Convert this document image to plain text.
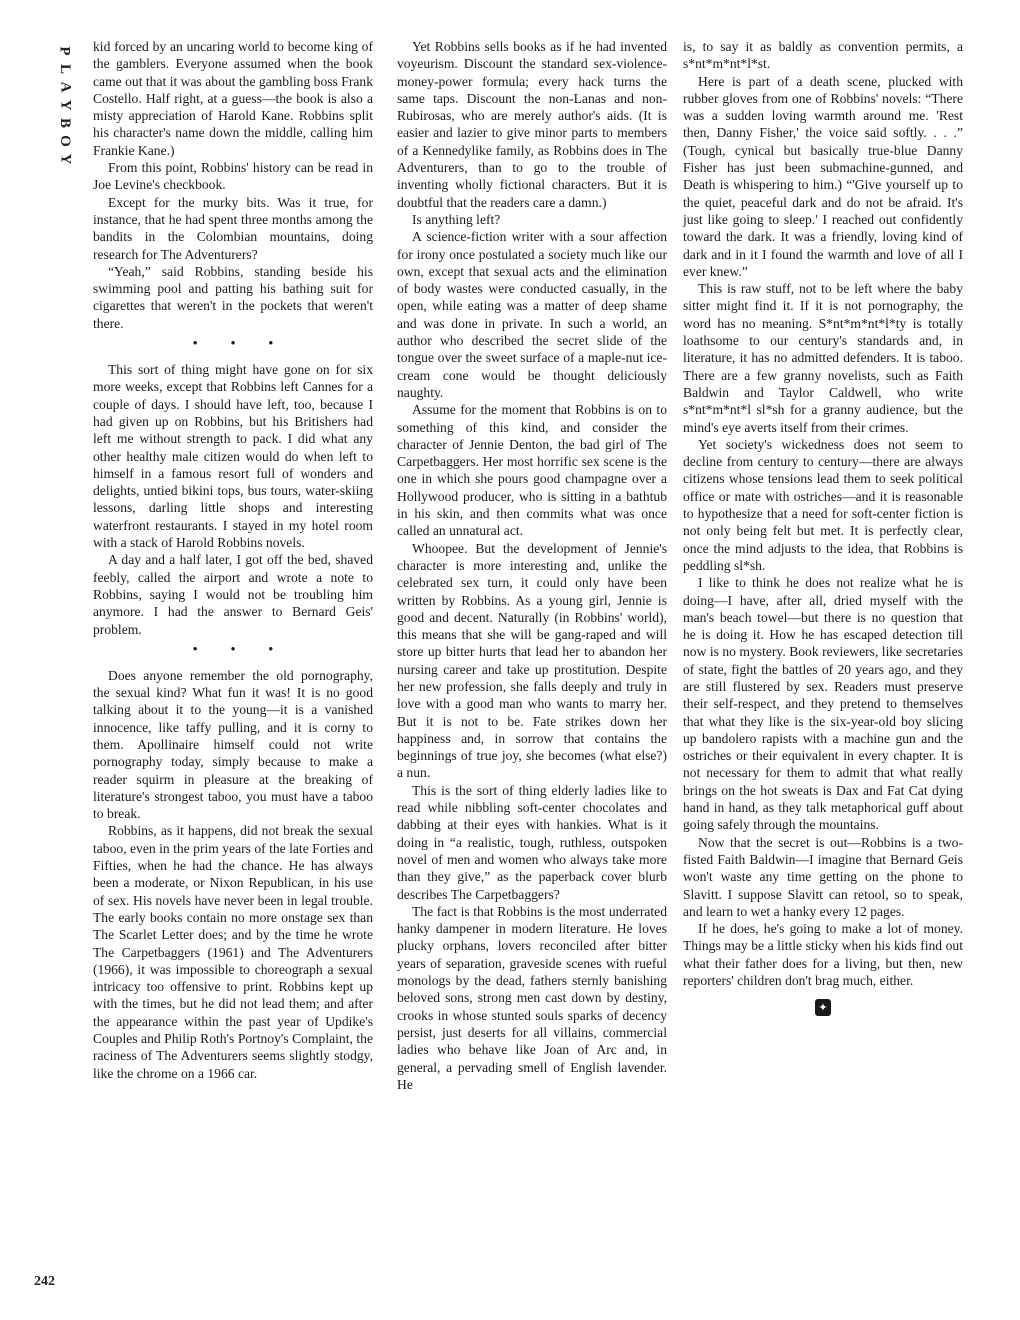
P
L
A
Y
B
O
Y

kid forced by an uncaring world to become king of the gamblers. Everyone assumed when the book came out that it was about the gambling boss Frank Costello. Half right, at a guess—the book is also a misty appreciation of Harold Kane. Robbins split his character's name down the middle, calling him Frankie Kane.)

From this point, Robbins' history can be read in Joe Levine's checkbook.

Except for the murky bits. Was it true, for instance, that he had spent three months among the bandits in the Colombian mountains, doing research for The Adventurers?

“Yeah,” said Robbins, standing beside his swimming pool and patting his bathing suit for cigarettes that weren't in the pockets that weren't there.

• • •

This sort of thing might have gone on for six more weeks, except that Robbins left Cannes for a couple of days. I should have left, too, because I had given up on Robbins, but his Britishers had left me without strength to pack. I did what any other healthy male citizen would do when left to himself in a famous resort full of wonders and delights, untied bikini tops, bus tours, water-skiing lessons, darling little shops and interesting waterfront restaurants. I stayed in my hotel room with a stack of Harold Robbins novels.

A day and a half later, I got off the bed, shaved feebly, called the airport and wrote a note to Robbins, saying I would not be troubling him anymore. I had the answer to Bernard Geis' problem.

• • •

Does anyone remember the old pornography, the sexual kind? What fun it was! It is no good talking about it to the young—it is a vanished innocence, like taffy pulling, and it is corny to them. Apollinaire himself could not write pornography today, simply because to make a reader squirm in pleasure at the breaking of literature's strongest taboo, you must have a taboo to break.

Robbins, as it happens, did not break the sexual taboo, even in the prim years of the late Forties and Fifties, when he had the chance. He has always been a moderate, or Nixon Republican, in his use of sex. His novels have never been in legal trouble. The early books contain no more onstage sex than The Scarlet Letter does; and by the time he wrote The Carpetbaggers (1961) and The Adventurers (1966), it was impossible to choreograph a sexual intricacy too offensive to print. Robbins kept up with the times, but he did not lead them; and after the appearance within the past year of Updike's Couples and Philip Roth's Portnoy's Complaint, the raciness of The Adventurers seems slightly stodgy, like the chrome on a 1966 car.

Yet Robbins sells books as if he had invented voyeurism. Discount the standard sex-violence-money-power formula; every hack turns the same taps. Discount the non-Lanas and non-Rubirosas, who are merely author's aids. (It is easier and lazier to give minor parts to members of a Kennedylike family, as Robbins does in The Adventurers, than to go to the trouble of inventing wholly fictional characters. But it is doubtful that the readers care a damn.)

Is anything left?

A science-fiction writer with a sour affection for irony once postulated a society much like our own, except that sexual acts and the elimination of body wastes were conducted casually, in the open, while eating was a matter of deep shame and was done in private. In such a world, an author who described the secret slide of the tongue over the sweet surface of a maple-nut ice-cream cone would be thought deliciously naughty.

Assume for the moment that Robbins is on to something of this kind, and consider the character of Jennie Denton, the bad girl of The Carpetbaggers. Her most horrific sex scene is the one in which she pours good champagne over a Hollywood producer, who is sitting in a bathtub in his skin, and then commits what was once called an unnatural act.

Whoopee. But the development of Jennie's character is more interesting and, unlike the celebrated sex turn, it could only have been written by Robbins. As a young girl, Jennie is good and decent. Naturally (in Robbins' world), this means that she will be gang-raped and will store up bitter hurts that lead her to abandon her nursing career and take up prostitution. Despite her new profession, she falls deeply and truly in love with a good man who wants to marry her. But it is not to be. Fate strikes down her happiness and, in sorrow that contains the beginnings of true joy, she becomes (what else?) a nun.

This is the sort of thing elderly ladies like to read while nibbling soft-center chocolates and dabbing at their eyes with hankies. What is it doing in “a realistic, tough, ruthless, outspoken novel of men and women who always take more than they give,” as the paperback cover blurb describes The Carpetbaggers?

The fact is that Robbins is the most underrated hanky dampener in modern literature. He loves plucky orphans, lovers reconciled after bitter years of separation, graveside scenes with rueful monologs by the dead, fathers sternly banishing beloved sons, strong men cast down by destiny, crooks in whose stunted souls sparks of decency persist, just deserts for all villains, commercial ladies who behave like Joan of Arc and, in general, a pervading smell of English lavender. He

is, to say it as baldly as convention permits, a s*nt*m*nt*l*st.

Here is part of a death scene, plucked with rubber gloves from one of Robbins' novels: “There was a sudden loving warmth around me. 'Rest then, Danny Fisher,' the voice said softly. . . .” (Tough, cynical but basically true-blue Danny Fisher has just been submachine-gunned, and Death is whispering to him.) “'Give yourself up to the quiet, peaceful dark and do not be afraid. It's just like going to sleep.' I reached out confidently toward the dark. It was a friendly, loving kind of dark and in it I found the warmth and love of all I ever knew.”

This is raw stuff, not to be left where the baby sitter might find it. If it is not pornography, the word has no meaning. S*nt*m*nt*l*ty is totally loathsome to our century's standards and, in literature, it has no admitted defenders. It is taboo. There are a few granny novelists, such as Faith Baldwin and Taylor Caldwell, who write s*nt*m*nt*l sl*sh for a granny audience, but the mind's eye averts itself from their crimes.

Yet society's wickedness does not seem to decline from century to century—there are always citizens whose tensions lead them to seek political office or mate with ostriches—and it is reasonable to hypothesize that a need for soft-center fiction is not only being felt but met. It is perfectly clear, once the mind adjusts to the idea, that Robbins is peddling sl*sh.

I like to think he does not realize what he is doing—I have, after all, dried myself with the man's beach towel—but there is no question that he is doing it. How he has escaped detection till now is no mystery. Book reviewers, like secretaries of state, fight the battles of 20 years ago, and they are still flustered by sex. Readers must preserve their self-respect, and they pretend to themselves that what they like is the six-year-old boy slicing up bandolero rapists with a machine gun and the ostriches or their equivalent in every chapter. It is not necessary for them to admit that what really brings on the hot sweats is Dax and Fat Cat dying hand in hand, as they talk metaphorical guff about going safely through the mountains.

Now that the secret is out—Robbins is a two-fisted Faith Baldwin—I imagine that Bernard Geis won't waste any time getting on the phone to Slavitt. I suppose Slavitt can retool, so to speak, and learn to wet a hanky every 12 pages.

If he does, he's going to make a lot of money. Things may be a little sticky when his kids find out what their father does for a living, but then, new reporters' children don't brag much, either.

✦
242
